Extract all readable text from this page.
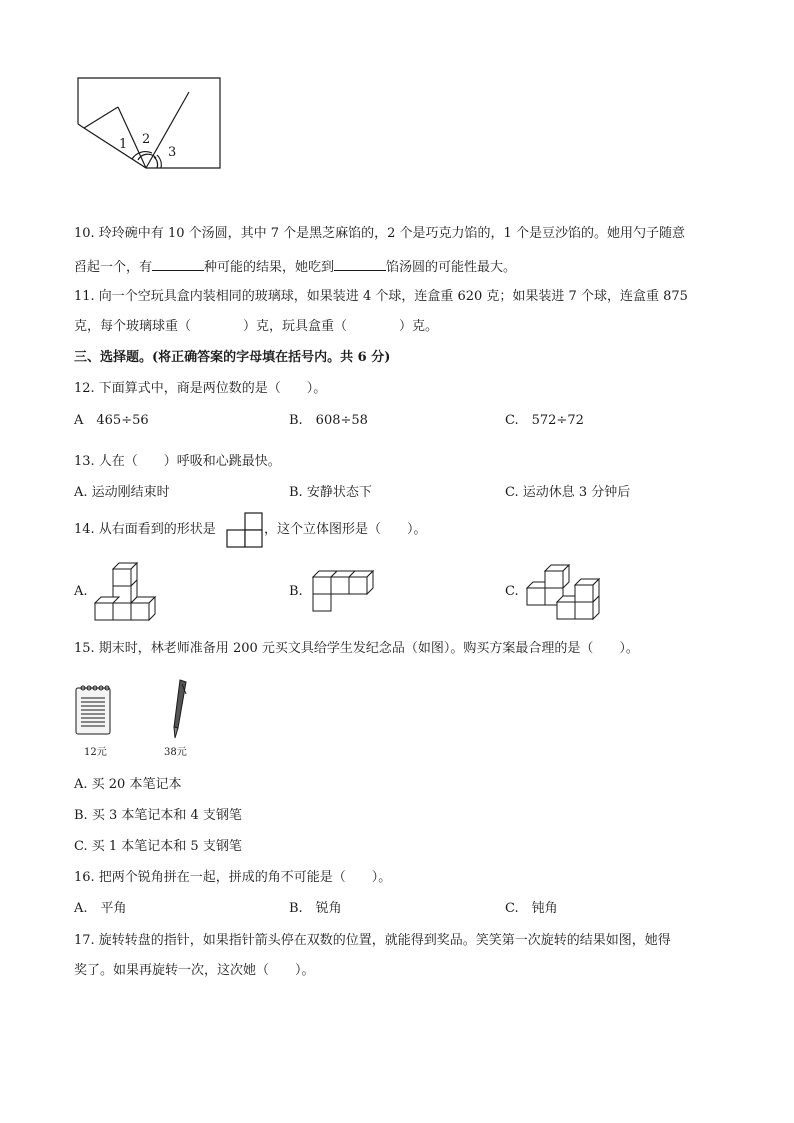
1 2
3
10. 玲玲碗中有 10 个汤圆，其中 7 个是黑芝麻馅的，2 个是巧克力馅的，1 个是豆沙馅的。她用勺子随意
舀起一个，有	种可能的结果，她吃到	馅汤圆的可能性最大。
11. 向一个空玩具盒内装相同的玻璃球，如果装进 4 个球，连盒重 620 克；如果装进 7 个球，连盒重 875
克，每个玻璃球重（　　　　）克，玩具盒重（　　　　）克。
三、选择题。(将正确答案的字母填在括号内。共 6 分)
12. 下面算式中，商是两位数的是（　　）。
A　465÷56	B.　608÷58	C.　572÷72
13. 人在（　　）呼吸和心跳最快。
A. 运动刚结束时	B. 安静状态下	C. 运动休息 3 分钟后
14. 从右面看到的形状是	，这个立体图形是（　　）。
A.	B.	C.
15. 期末时，林老师准备用 200 元买文具给学生发纪念品（如图）。购买方案最合理的是（　　）。
12元	38元
A. 买 20 本笔记本
B. 买 3 本笔记本和 4 支钢笔
C. 买 1 本笔记本和 5 支钢笔
16. 把两个锐角拼在一起，拼成的角不可能是（　　）。
A.　平角	B.　锐角	C.　钝角
17. 旋转转盘的指针，如果指针箭头停在双数的位置，就能得到奖品。笑笑第一次旋转的结果如图，她得
奖了。如果再旋转一次，这次她（　　）。
